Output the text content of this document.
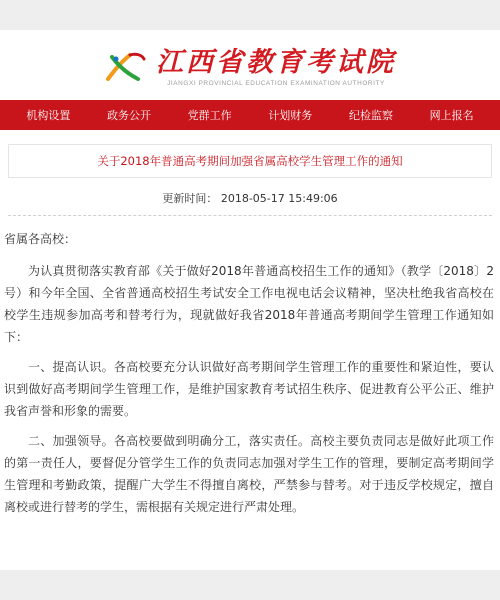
江西省教育考试院
JIANGXI PROVINCIAL EDUCATION EXAMINATION AUTHORITY
机构设置	政务公开	党群工作	计划财务	纪检监察	网上报名
关于2018年普通高考期间加强省属高校学生管理工作的通知
更新时间： 2018-05-17 15:49:06

省属各高校：

为认真贯彻落实教育部《关于做好2018年普通高校招生工作的通知》（教学〔2018〕2号）和今年全国、全省普通高校招生考试安全工作电视电话会议精神，坚决杜绝我省高校在校学生违规参加高考和替考行为，现就做好我省2018年普通高考期间学生管理工作通知如下：

一、提高认识。各高校要充分认识做好高考期间学生管理工作的重要性和紧迫性，要认识到做好高考期间学生管理工作，是维护国家教育考试招生秩序、促进教育公平公正、维护我省声誉和形象的需要。

二、加强领导。各高校要做到明确分工，落实责任。高校主要负责同志是做好此项工作的第一责任人，要督促分管学生工作的负责同志加强对学生工作的管理，要制定高考期间学生管理和考勤政策，提醒广大学生不得擅自离校，严禁参与替考。对于违反学校规定，擅自离校或进行替考的学生，需根据有关规定进行严肃处理。
